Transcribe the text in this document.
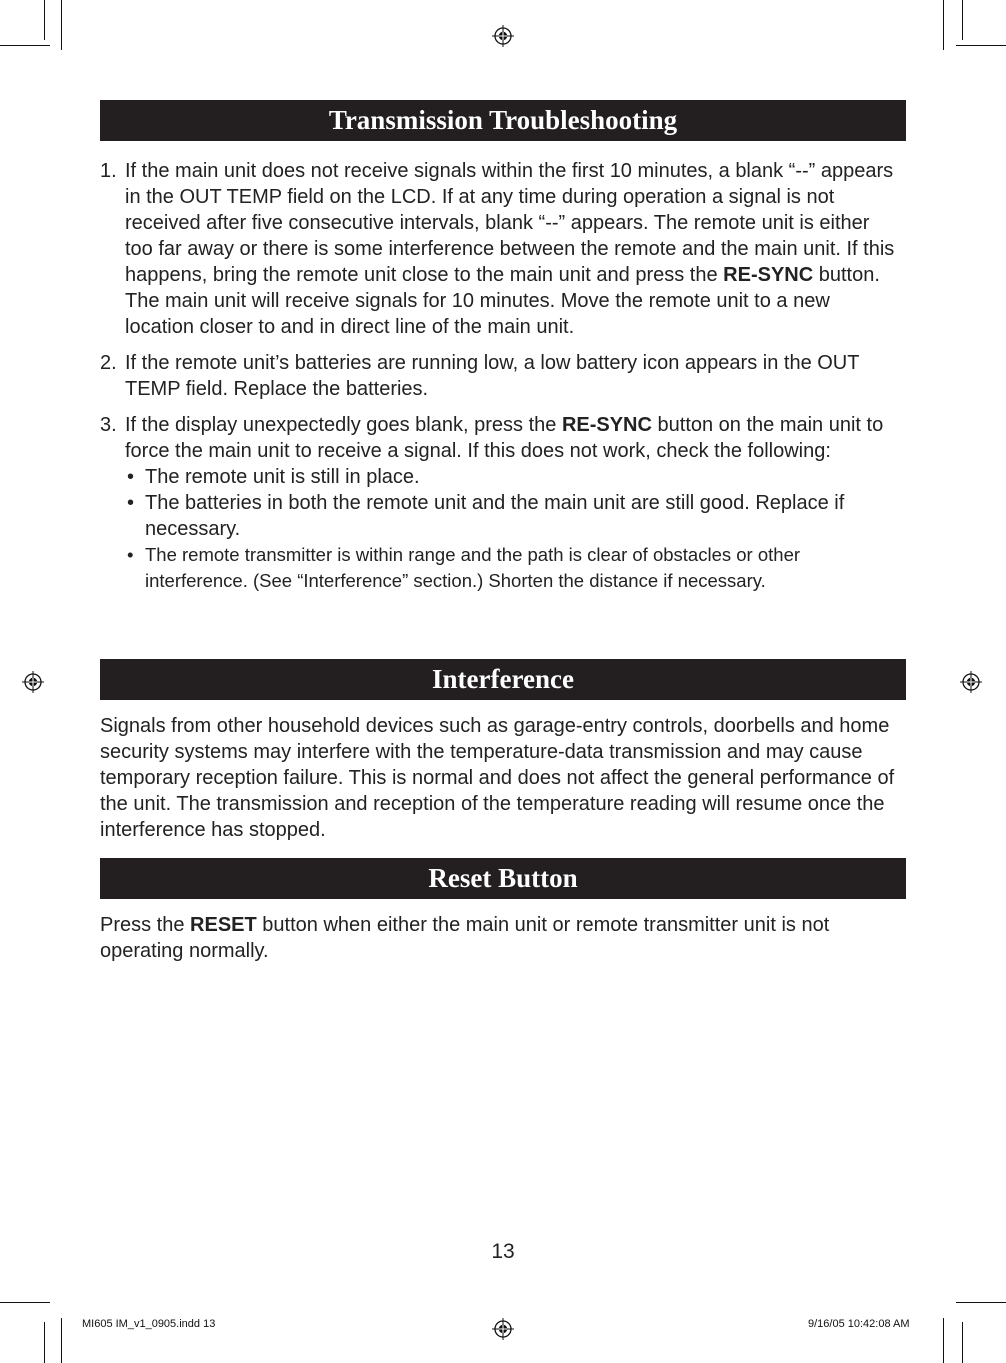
Transmission Troubleshooting
1. If the main unit does not receive signals within the first 10 minutes, a blank “--” appears in the OUT TEMP field on the LCD. If at any time during operation a signal is not received after five consecutive intervals, blank “--” appears. The remote unit is either too far away or there is some interference between the remote and the main unit. If this happens, bring the remote unit close to the main unit and press the RE-SYNC button. The main unit will receive signals for 10 minutes. Move the remote unit to a new location closer to and in direct line of the main unit.
2. If the remote unit’s batteries are running low, a low battery icon appears in the OUT TEMP field. Replace the batteries.
3. If the display unexpectedly goes blank, press the RE-SYNC button on the main unit to force the main unit to receive a signal. If this does not work, check the following:
• The remote unit is still in place.
• The batteries in both the remote unit and the main unit are still good. Replace if necessary.
• The remote transmitter is within range and the path is clear of obstacles or other interference. (See “Interference” section.) Shorten the distance if necessary.
Interference
Signals from other household devices such as garage-entry controls, doorbells and home security systems may interfere with the temperature-data transmission and may cause temporary reception failure. This is normal and does not affect the general performance of the unit. The transmission and reception of the temperature reading will resume once the interference has stopped.
Reset Button
Press the RESET button when either the main unit or remote transmitter unit is not operating normally.
13
MI605 IM_v1_0905.indd 13	9/16/05 10:42:08 AM
